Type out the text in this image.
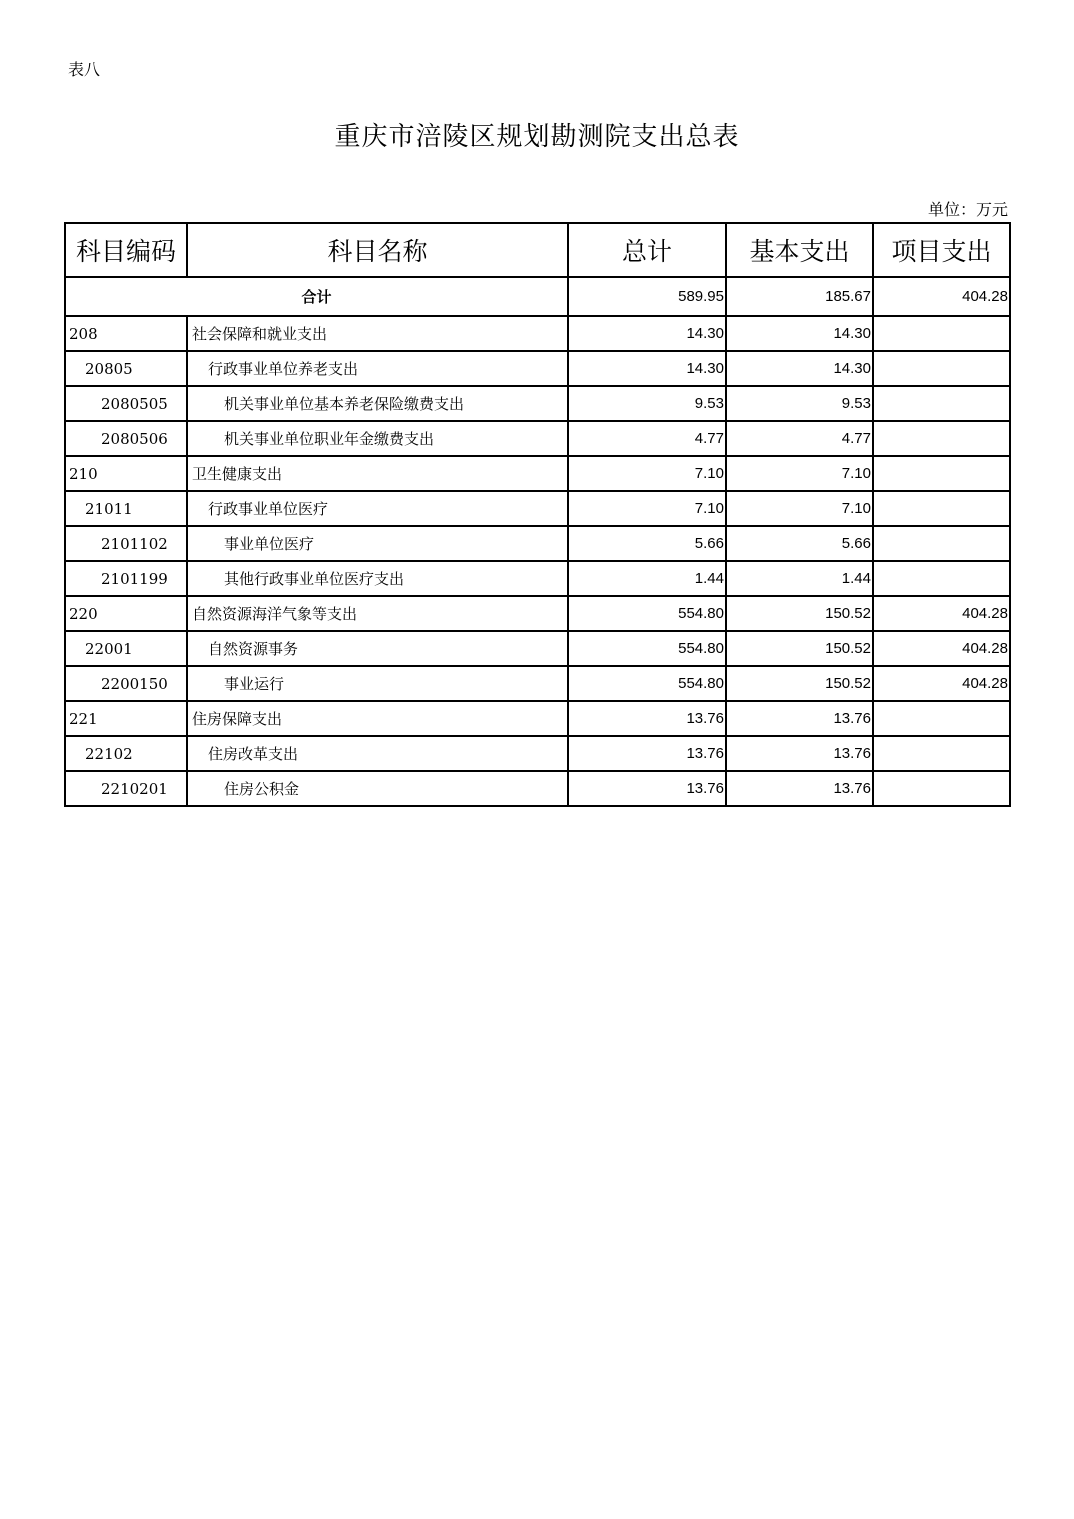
表八
重庆市涪陵区规划勘测院支出总表
单位：万元
科目编码	科目名称	总计	基本支出	项目支出
合计		589.95	185.67	404.28
208	社会保障和就业支出	14.30	14.30	
20805	行政事业单位养老支出	14.30	14.30	
2080505	机关事业单位基本养老保险缴费支出	9.53	9.53	
2080506	机关事业单位职业年金缴费支出	4.77	4.77	
210	卫生健康支出	7.10	7.10	
21011	行政事业单位医疗	7.10	7.10	
2101102	事业单位医疗	5.66	5.66	
2101199	其他行政事业单位医疗支出	1.44	1.44	
220	自然资源海洋气象等支出	554.80	150.52	404.28
22001	自然资源事务	554.80	150.52	404.28
2200150	事业运行	554.80	150.52	404.28
221	住房保障支出	13.76	13.76	
22102	住房改革支出	13.76	13.76	
2210201	住房公积金	13.76	13.76	
